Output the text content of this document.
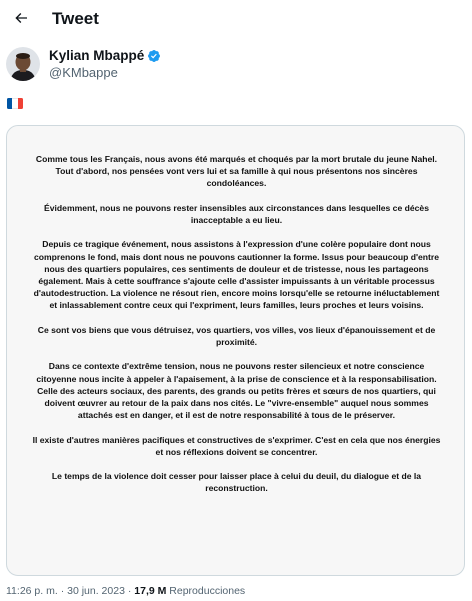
Tweet
Kylian Mbappé
@KMbappe

Comme tous les Français, nous avons été marqués et choqués par la mort brutale du jeune Nahel. Tout d'abord, nos pensées vont vers lui et sa famille à qui nous présentons nos sincères condoléances.

Évidemment, nous ne pouvons rester insensibles aux circonstances dans lesquelles ce décès inacceptable a eu lieu.

Depuis ce tragique événement, nous assistons à l'expression d'une colère populaire dont nous comprenons le fond, mais dont nous ne pouvons cautionner la forme. Issus pour beaucoup d'entre nous des quartiers populaires, ces sentiments de douleur et de tristesse, nous les partageons également. Mais à cette souffrance s'ajoute celle d'assister impuissants à un véritable processus d'autodestruction. La violence ne résout rien, encore moins lorsqu'elle se retourne inéluctablement et inlassablement contre ceux qui l'expriment, leurs familles, leurs proches et leurs voisins.

Ce sont vos biens que vous détruisez, vos quartiers, vos villes, vos lieux d'épanouissement et de proximité.

Dans ce contexte d'extrême tension, nous ne pouvons rester silencieux et notre conscience citoyenne nous incite à appeler à l'apaisement, à la prise de conscience et à la responsabilisation. Celle des acteurs sociaux, des parents, des grands ou petits frères et sœurs de nos quartiers, qui doivent œuvrer au retour de la paix dans nos cités. Le "vivre-ensemble" auquel nous sommes attachés est en danger, et il est de notre responsabilité à tous de le préserver.

Il existe d'autres manières pacifiques et constructives de s'exprimer. C'est en cela que nos énergies et nos réflexions doivent se concentrer.

Le temps de la violence doit cesser pour laisser place à celui du deuil, du dialogue et de la reconstruction.

11:26 p. m. · 30 jun. 2023 · 17,9 M Reproducciones
